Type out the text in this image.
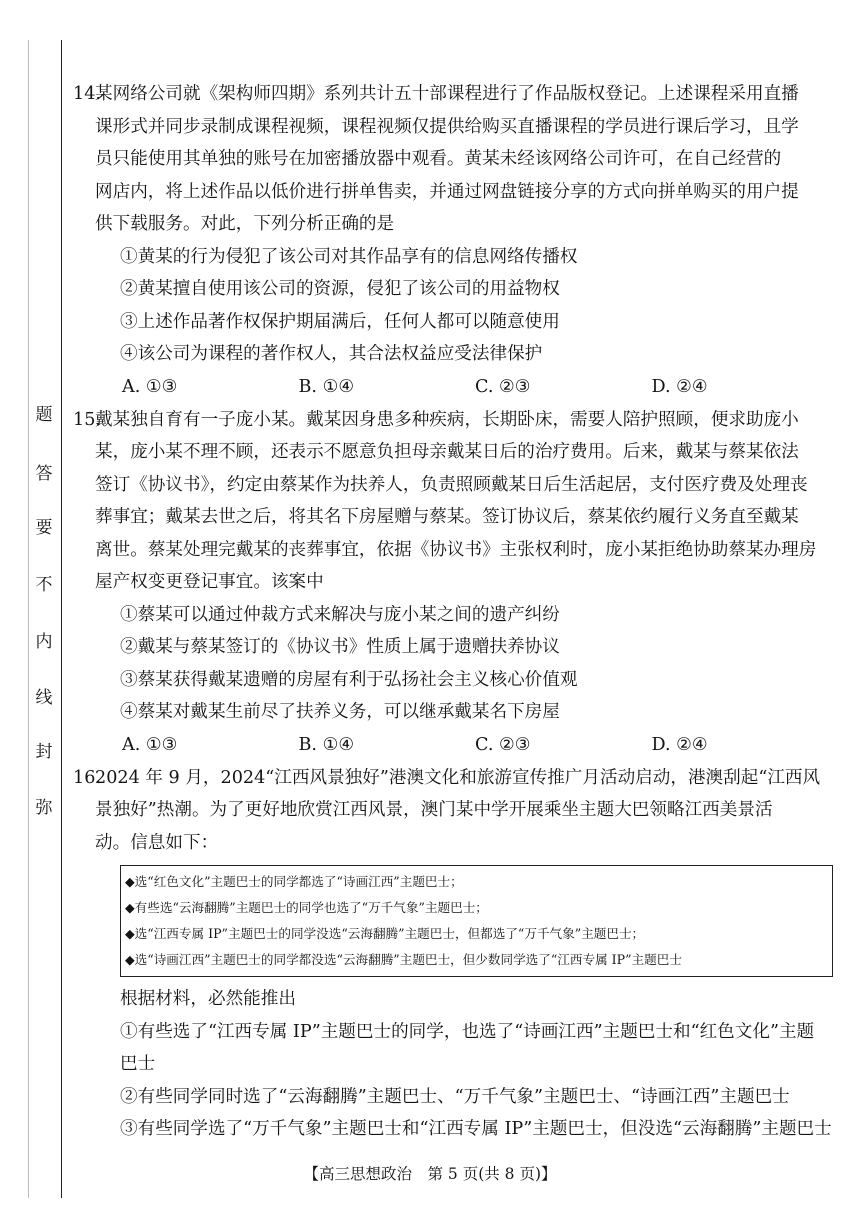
弥
封
线
内
不
要
答
题
14.
某网络公司就《架构师四期》系列共计五十部课程进行了作品版权登记。上述课程采用直播
课形式并同步录制成课程视频，课程视频仅提供给购买直播课程的学员进行课后学习，且学
员只能使用其单独的账号在加密播放器中观看。黄某未经该网络公司许可，在自己经营的
网店内，将上述作品以低价进行拼单售卖，并通过网盘链接分享的方式向拼单购买的用户提
供下载服务。对此，下列分析正确的是
①黄某的行为侵犯了该公司对其作品享有的信息网络传播权
②黄某擅自使用该公司的资源，侵犯了该公司的用益物权
③上述作品著作权保护期届满后，任何人都可以随意使用
④该公司为课程的著作权人，其合法权益应受法律保护
A. ①③	B. ①④	C. ②③	D. ②④
15.
戴某独自育有一子庞小某。戴某因身患多种疾病，长期卧床，需要人陪护照顾，便求助庞小
某，庞小某不理不顾，还表示不愿意负担母亲戴某日后的治疗费用。后来，戴某与蔡某依法
签订《协议书》，约定由蔡某作为扶养人，负责照顾戴某日后生活起居，支付医疗费及处理丧
葬事宜；戴某去世之后，将其名下房屋赠与蔡某。签订协议后，蔡某依约履行义务直至戴某
离世。蔡某处理完戴某的丧葬事宜，依据《协议书》主张权利时，庞小某拒绝协助蔡某办理房
屋产权变更登记事宜。该案中
①蔡某可以通过仲裁方式来解决与庞小某之间的遗产纠纷
②戴某与蔡某签订的《协议书》性质上属于遗赠扶养协议
③蔡某获得戴某遗赠的房屋有利于弘扬社会主义核心价值观
④蔡某对戴某生前尽了扶养义务，可以继承戴某名下房屋
A. ①③	B. ①④	C. ②③	D. ②④
16.
2024 年 9 月，2024“江西风景独好”港澳文化和旅游宣传推广月活动启动，港澳刮起“江西风
景独好”热潮。为了更好地欣赏江西风景，澳门某中学开展乘坐主题大巴领略江西美景活
动。信息如下：
◆选“红色文化”主题巴士的同学都选了“诗画江西”主题巴士；
◆有些选“云海翻腾”主题巴士的同学也选了“万千气象”主题巴士；
◆选“江西专属 IP”主题巴士的同学没选“云海翻腾”主题巴士，但都选了“万千气象”主题巴士；
◆选“诗画江西”主题巴士的同学都没选“云海翻腾”主题巴士，但少数同学选了“江西专属 IP”主题巴士
根据材料，必然能推出
①有些选了“江西专属 IP”主题巴士的同学，也选了“诗画江西”主题巴士和“红色文化”主题
巴士
②有些同学同时选了“云海翻腾”主题巴士、“万千气象”主题巴士、“诗画江西”主题巴士
③有些同学选了“万千气象”主题巴士和“江西专属 IP”主题巴士，但没选“云海翻腾”主题巴士
【高三思想政治　第 5 页(共 8 页)】
